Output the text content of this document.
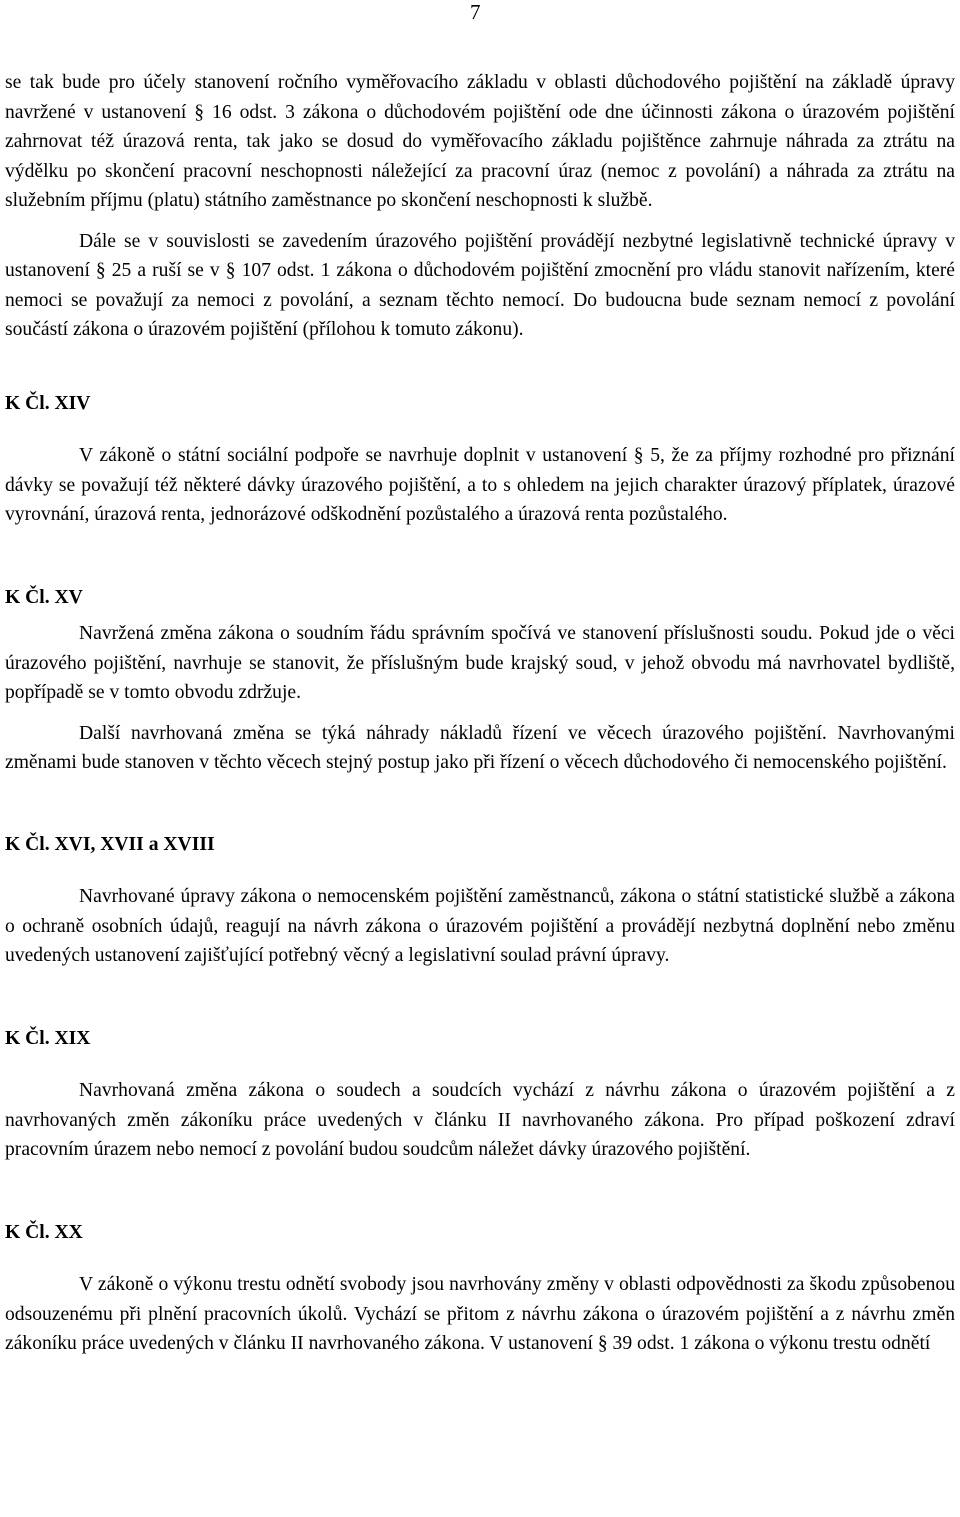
7

se tak bude pro účely stanovení ročního vyměřovacího základu v oblasti důchodového pojištění na základě úpravy navržené v ustanovení § 16 odst. 3 zákona o důchodovém pojištění ode dne účinnosti zákona o úrazovém pojištění zahrnovat též úrazová renta, tak jako se dosud do vyměřovacího základu pojištěnce zahrnuje náhrada za ztrátu na výdělku po skončení pracovní neschopnosti náležející za pracovní úraz (nemoc z povolání) a náhrada za ztrátu na služebním příjmu (platu) státního zaměstnance po skončení neschopnosti k službě.

Dále se v souvislosti se zavedením úrazového pojištění provádějí nezbytné legislativně technické úpravy v ustanovení § 25 a ruší se v § 107 odst. 1 zákona o důchodovém pojištění zmocnění pro vládu stanovit nařízením, které nemoci se považují za nemoci z povolání, a seznam těchto nemocí. Do budoucna bude seznam nemocí z povolání součástí zákona o úrazovém pojištění (přílohou k tomuto zákonu).

K Čl. XIV

V zákoně o státní sociální podpoře se navrhuje doplnit v ustanovení § 5, že za příjmy rozhodné pro přiznání dávky se považují též některé dávky úrazového pojištění, a to s ohledem na jejich charakter úrazový příplatek, úrazové vyrovnání, úrazová renta, jednorázové odškodnění pozůstalého a úrazová renta pozůstalého.

K Čl. XV

Navržená změna zákona o soudním řádu správním spočívá ve stanovení příslušnosti soudu. Pokud jde o věci úrazového pojištění, navrhuje se stanovit, že příslušným bude krajský soud, v jehož obvodu má navrhovatel bydliště, popřípadě se v tomto obvodu zdržuje.

Další navrhovaná změna se týká náhrady nákladů řízení ve věcech úrazového pojištění. Navrhovanými změnami bude stanoven v těchto věcech stejný postup jako při řízení o věcech důchodového či nemocenského pojištění.

K Čl. XVI, XVII a XVIII

Navrhované úpravy zákona o nemocenském pojištění zaměstnanců, zákona o státní statistické službě a zákona o ochraně osobních údajů, reagují na návrh zákona o úrazovém pojištění a provádějí nezbytná doplnění nebo změnu uvedených ustanovení zajišťující potřebný věcný a legislativní soulad právní úpravy.

K Čl. XIX

Navrhovaná změna zákona o soudech a soudcích vychází z návrhu zákona o úrazovém pojištění a z navrhovaných změn zákoníku práce uvedených v článku II navrhovaného zákona. Pro případ poškození zdraví pracovním úrazem nebo nemocí z povolání budou soudcům náležet dávky úrazového pojištění.

K Čl. XX

V zákoně o výkonu trestu odnětí svobody jsou navrhovány změny v oblasti odpovědnosti za škodu způsobenou odsouzenému při plnění pracovních úkolů. Vychází se přitom z návrhu zákona o úrazovém pojištění a z návrhu změn zákoníku práce uvedených v článku II navrhovaného zákona. V ustanovení § 39 odst. 1 zákona o výkonu trestu odnětí
